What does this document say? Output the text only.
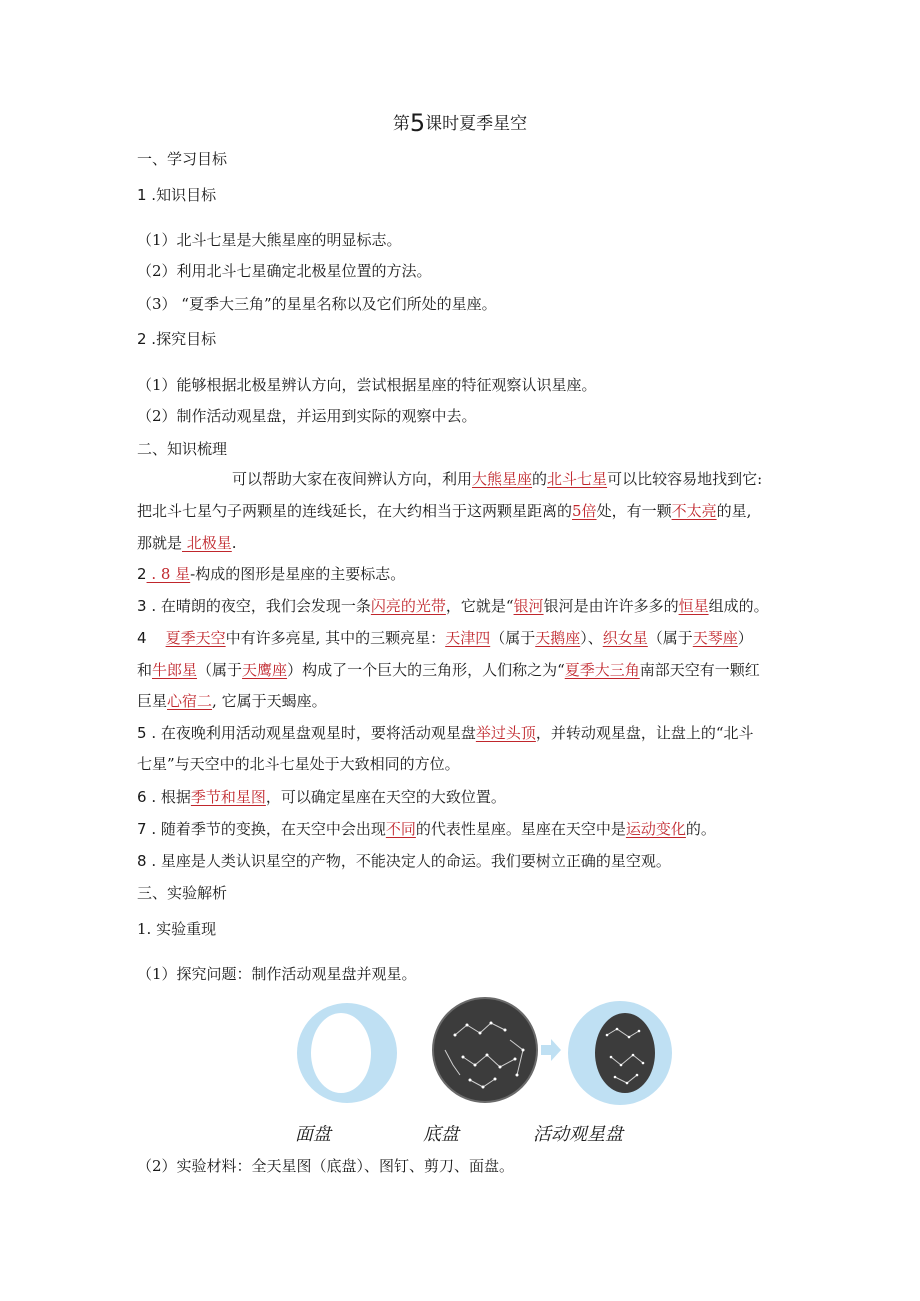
第5课时夏季星空
一、学习目标
1 .知识目标
（1）北斗七星是大熊星座的明显标志。
（2）利用北斗七星确定北极星位置的方法。
（3） “夏季大三角”的星星名称以及它们所处的星座。
2 .探究目标
（1）能够根据北极星辨认方向，尝试根据星座的特征观察认识星座。
（2）制作活动观星盘，并运用到实际的观察中去。
二、知识梳理
可以帮助大家在夜间辨认方向，利用大熊星座的北斗七星可以比较容易地找到它:
把北斗七星勺子两颗星的连线延长，在大约相当于这两颗星距离的5倍处，有一颗不太亮的星,
那就是 北极星.
2 . 8 星-构成的图形是星座的主要标志。
3 . 在晴朗的夜空，我们会发现一条闪亮的光带，它就是“银河银河是由许许多多的恒星组成的。
4 夏季天空中有许多亮星, 其中的三颗亮星：天津四（属于天鹅座）、织女星（属于天琴座）
和牛郎星（属于天鹰座）构成了一个巨大的三角形，人们称之为“夏季大三角南部天空有一颗红
巨星心宿二, 它属于天蝎座。
5 . 在夜晚利用活动观星盘观星时，要将活动观星盘举过头顶，并转动观星盘，让盘上的“北斗
七星”与天空中的北斗七星处于大致相同的方位。
6 . 根据季节和星图，可以确定星座在天空的大致位置。
7 . 随着季节的变换，在天空中会出现不同的代表性星座。星座在天空中是运动变化的。
8 . 星座是人类认识星空的产物，不能决定人的命运。我们要树立正确的星空观。
三、实验解析
1. 实验重现
（1）探究问题：制作活动观星盘并观星。
面盘	底盘	活动观星盘
（2）实验材料：全天星图（底盘）、图钉、剪刀、面盘。
